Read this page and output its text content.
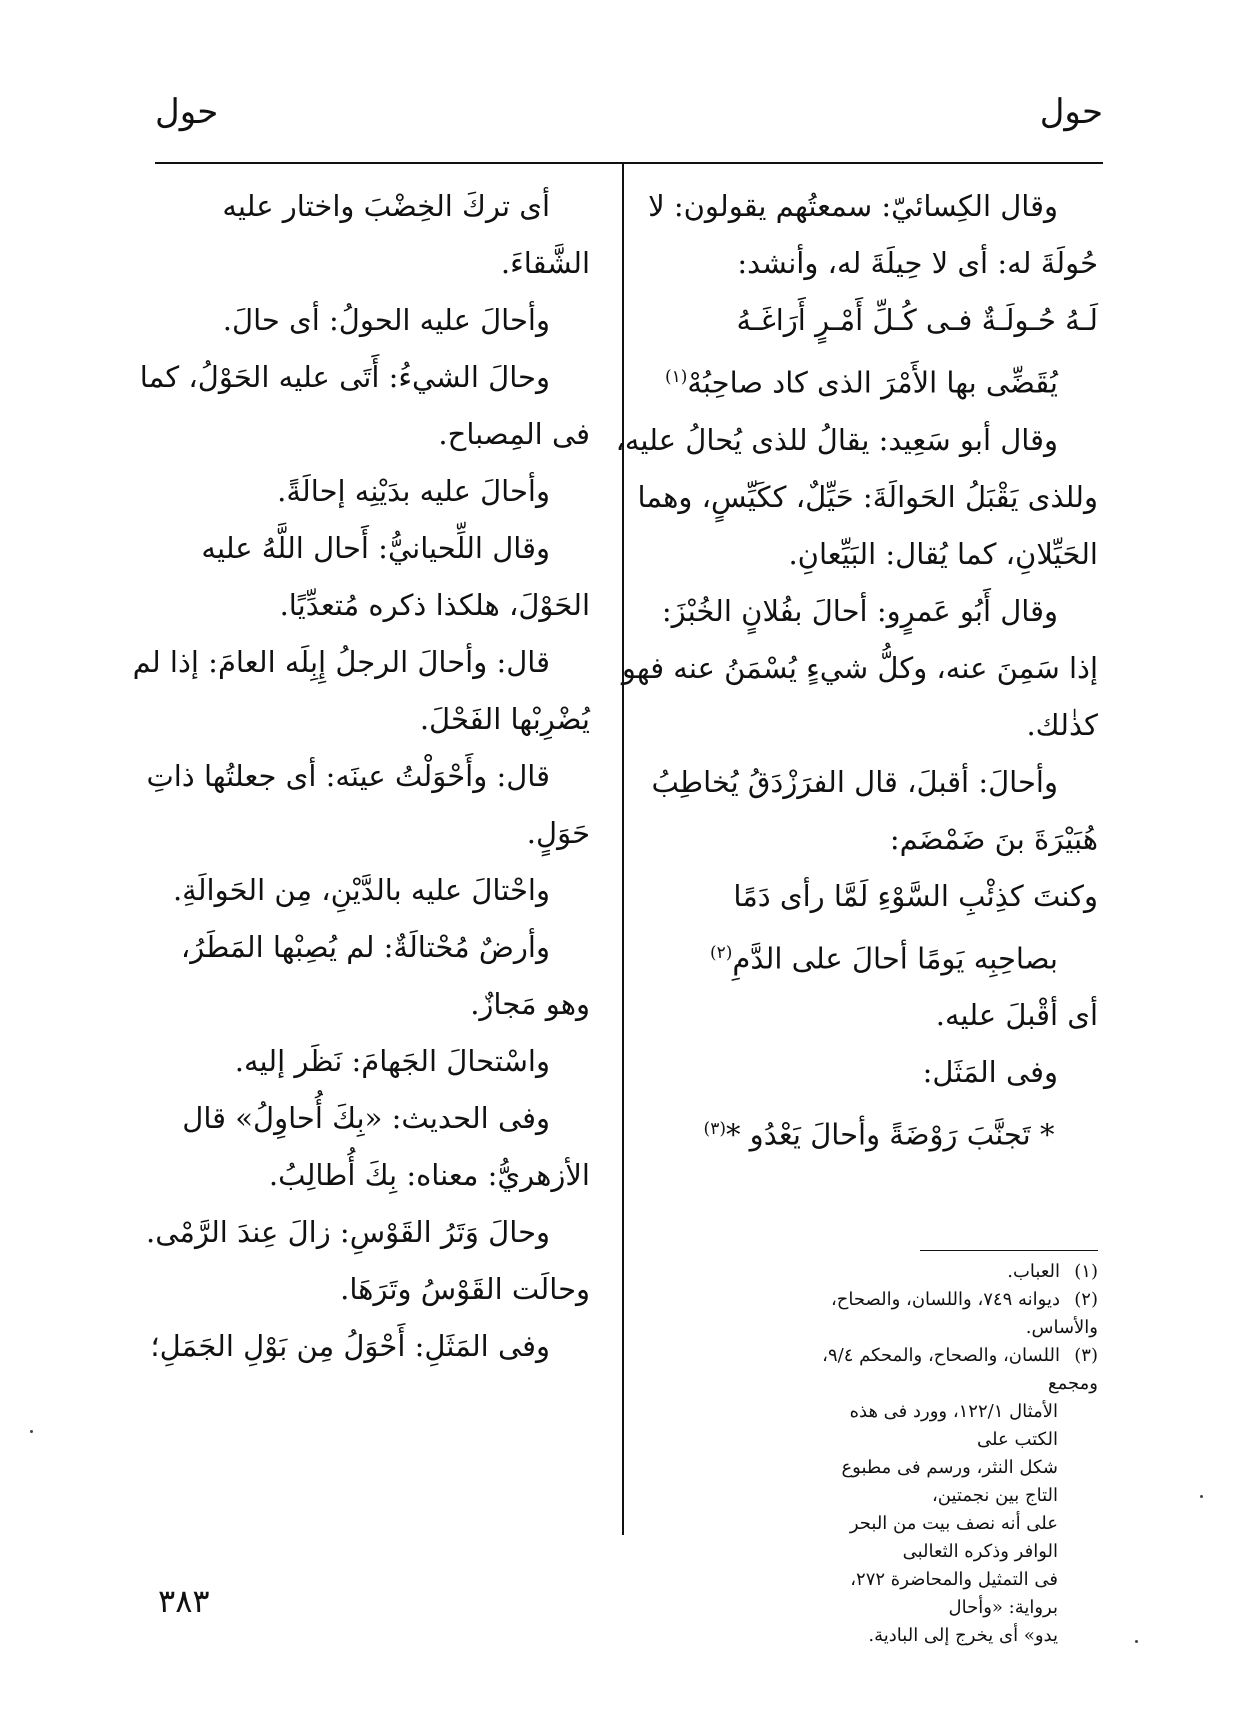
حول	حول
وقال الكِسائيّ: سمعتُهم يقولون: لا
حُولَةَ له: أى لا حِيلَةَ له، وأنشد:
لَـهُ حُـولَـةٌ فـى كُـلِّ أَمْـرٍ أَرَاغَـهُ
يُقَضِّى بها الأَمْرَ الذى كاد صاحِبُهْ$^{(١)}$
وقال أبو سَعِيد: يقالُ للذى يُحالُ عليه،
وللذى يَقْبَلُ الحَوالَةَ: حَيِّلٌ، ككَيِّسٍ، وهما
الحَيِّلانِ، كما يُقال: البَيِّعانِ.
وقال أَبُو عَمرٍو: أحالَ بفُلانٍ الخُبْزَ:
إذا سَمِنَ عنه، وكلُّ شيءٍ يُسْمَنُ عنه فهو
كذٰلك.
وأحالَ: أقبلَ، قال الفرَزْدَقُ يُخاطِبُ
هُبَيْرَةَ بنَ ضَمْضَم:
وكنتَ كذِئْبِ السَّوْءِ لَمَّا رأى دَمًا
بصاحِبِه يَومًا أحالَ على الدَّمِ$^{(٢)}$
أى أقْبلَ عليه.
وفى المَثَل:
* تَجنَّبَ رَوْضَةً وأحالَ يَعْدُو *$^{(٣)}$
أى تركَ الخِضْبَ واختار عليه
الشَّقاءَ.
وأحالَ عليه الحولُ: أى حالَ.
وحالَ الشيءُ: أَتَى عليه الحَوْلُ، كما
فى المِصباح.
وأحالَ عليه بدَيْنِه إحالَةً.
وقال اللِّحيانيُّ: أَحال اللَّهُ عليه
الحَوْلَ، هلكذا ذكره مُتعدِّيًا.
قال: وأحالَ الرجلُ إِبِلَه العامَ: إذا لم
يُضْرِبْها الفَحْلَ.
قال: وأَحْوَلْتُ عينَه: أى جعلتُها ذاتِ
حَوَلٍ.
واحْتالَ عليه بالدَّيْنِ، مِن الحَوالَةِ.
وأرضٌ مُحْتالَةٌ: لم يُصِبْها المَطَرُ،
وهو مَجازٌ.
واسْتحالَ الجَهامَ: نَظَر إليه.
وفى الحديث: «بِكَ أُحاوِلُ» قال
الأزهريُّ: معناه: بِكَ أُطالِبُ.
وحالَ وَتَرُ القَوْسِ: زالَ عِندَ الرَّمْى.
وحالَت القَوْسُ وتَرَهَا.
وفى المَثَلِ: أَحْوَلُ مِن بَوْلِ الجَمَلِ؛
(١)العباب.
(٢)ديوانه ٧٤٩، واللسان، والصحاح، والأساس.
(٣)اللسان، والصحاح، والمحكم ٩/٤، ومجمع
الأمثال ١٢٢/١، وورد فى هذه الكتب على
شكل النثر، ورسم فى مطبوع التاج بين نجمتين،
على أنه نصف بيت من البحر الوافر وذكره الثعالبى
فى التمثيل والمحاضرة ٢٧٢، برواية: «وأحال
يدو» أى يخرج إلى البادية.
٣٨٣
